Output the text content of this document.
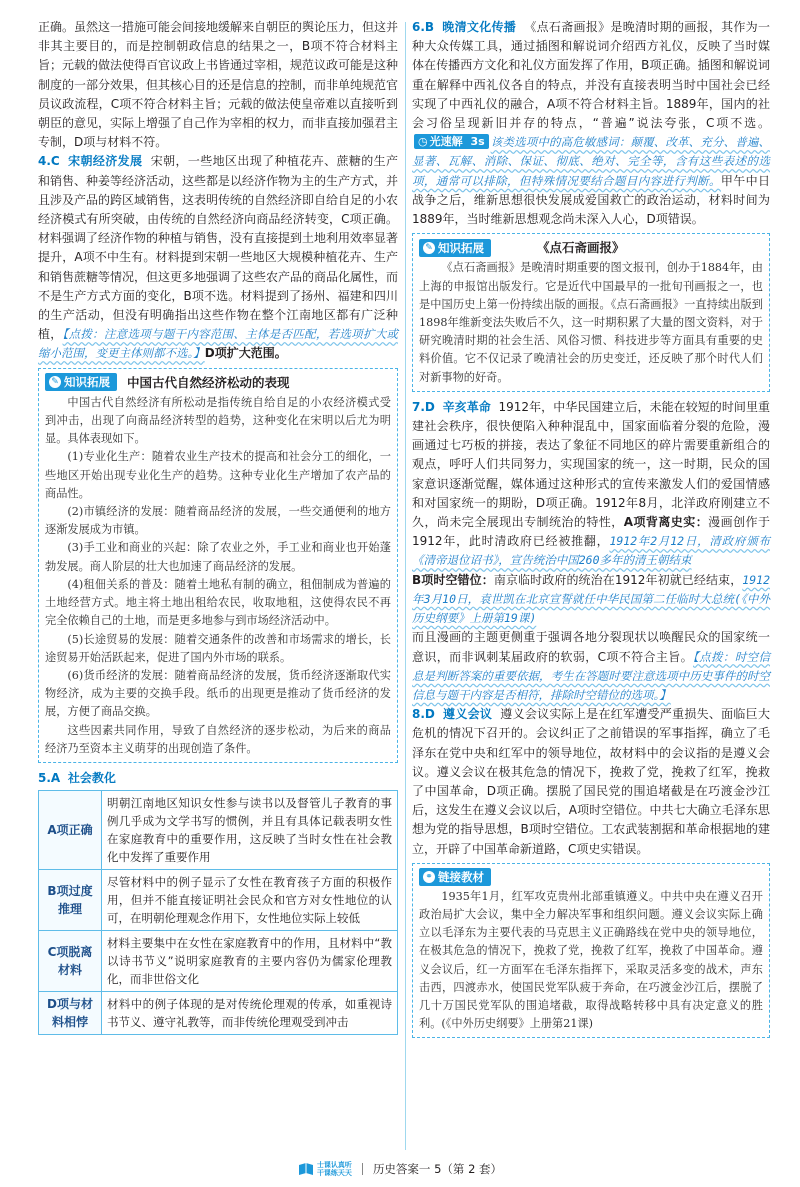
正确。虽然这一措施可能会间接地缓解来自朝臣的舆论压力，但这并非其主要目的，而是控制朝政信息的结果之一，B项不符合材料主旨；元载的做法使得百官议政上书皆通过宰相，规范议政可能是这种制度的一部分效果，但其核心目的还是信息的控制，而非单纯规范官员议政流程，C项不符合材料主旨；元载的做法使皇帝难以直接听到朝臣的意见，实际上增强了自己作为宰相的权力，而非直接加强君主专制，D项与材料不符。

4.C 宋朝经济发展 宋朝，一些地区出现了种植花卉、蔗糖的生产和销售、种姜等经济活动，这些都是以经济作物为主的生产方式，并且涉及产品的跨区域销售，这表明传统的自然经济即自给自足的小农经济模式有所突破，由传统的自然经济向商品经济转变，C项正确。材料强调了经济作物的种植与销售，没有直接提到土地利用效率显著提升，A项不中生有。材料提到宋朝一些地区大规模种植花卉、生产和销售蔗糖等情况，但这更多地强调了这些农产品的商品化属性，而不是生产方式方面的变化，B项不选。材料提到了扬州、福建和四川的生产活动，但没有明确指出这些作物在整个江南地区都有广泛种植，【点拨：注意选项与题干内容范围、主体是否匹配，若选项扩大或缩小范围，变更主体则都不选。】D项扩大范围。

✎ 知识拓展 中国古代自然经济松动的表现

中国古代自然经济有所松动是指传统自给自足的小农经济模式受到冲击，出现了向商品经济转型的趋势，这种变化在宋明以后尤为明显。具体表现如下。

(1)专业化生产：随着农业生产技术的提高和社会分工的细化，一些地区开始出现专业化生产的趋势。这种专业化生产增加了农产品的商品性。

(2)市镇经济的发展：随着商品经济的发展，一些交通便利的地方逐渐发展成为市镇。

(3)手工业和商业的兴起：除了农业之外，手工业和商业也开始蓬勃发展。商人阶层的壮大也加速了商品经济的发展。

(4)租佃关系的普及：随着土地私有制的确立，租佃制成为普遍的土地经营方式。地主将土地出租给农民，收取地租，这使得农民不再完全依赖自己的土地，而是更多地参与到市场经济活动中。

(5)长途贸易的发展：随着交通条件的改善和市场需求的增长，长途贸易开始活跃起来，促进了国内外市场的联系。

(6)货币经济的发展：随着商品经济的发展，货币经济逐渐取代实物经济，成为主要的交换手段。纸币的出现更是推动了货币经济的发展，方便了商品交换。

这些因素共同作用，导致了自然经济的逐步松动，为后来的商品经济乃至资本主义萌芽的出现创造了条件。

5.A 社会教化

A项正确	明朝江南地区知识女性参与读书以及督管儿子教育的事例几乎成为文学书写的惯例，并且有具体记载表明女性在家庭教育中的重要作用，这反映了当时女性在社会教化中发挥了重要作用
B项过度推理	尽管材料中的例子显示了女性在教育孩子方面的积极作用，但并不能直接证明社会民众和官方对女性地位的认可，在明朝伦理观念作用下，女性地位实际上较低
C项脱离材料	材料主要集中在女性在家庭教育中的作用，且材料中“教以诗书节义”说明家庭教育的主要内容仍为儒家伦理教化，而非世俗文化
D项与材料相悖	材料中的例子体现的是对传统伦理观的传承，如重视诗书节义、遵守礼教等，而非传统伦理观受到冲击

6.B 晚清文化传播 《点石斋画报》是晚清时期的画报，其作为一种大众传媒工具，通过插图和解说词介绍西方礼仪，反映了当时媒体在传播西方文化和礼仪方面发挥了作用，B项正确。插图和解说词重在解释中西礼仪各自的特点，并没有直接表明当时中国社会已经实现了中西礼仪的融合，A项不符合材料主旨。1889年，国内的社会习俗呈现新旧并存的特点，“普遍”说法夸张，C项不选。
◷ 光速解
3s 该类选项中的高危敏感词：颠覆、改革、充分、普遍、显著、瓦解、消除、保证、彻底、绝对、完全等，含有这些表述的选项，通常可以排除，但特殊情况要结合题目内容进行判断。甲午中日战争之后，维新思想很快发展成爱国救亡的政治运动，材料时间为1889年，当时维新思想观念尚未深入人心，D项错误。

✎ 知识拓展	《点石斋画报》

《点石斋画报》是晚清时期重要的图文报刊，创办于1884年，由上海的申报馆出版发行。它是近代中国最早的一批旬刊画报之一，也是中国历史上第一份持续出版的画报。《点石斋画报》一直持续出版到1898年维新变法失败后不久，这一时期积累了大量的图文资料，对于研究晚清时期的社会生活、风俗习惯、科技进步等方面具有重要的史料价值。它不仅记录了晚清社会的历史变迁，还反映了那个时代人们对新事物的好奇。

7.D 辛亥革命 1912年，中华民国建立后，未能在较短的时间里重建社会秩序，很快便陷入种种混乱中，国家面临着分裂的危险，漫画通过七巧板的拼接，表达了象征不同地区的碎片需要重新组合的观点，呼吁人们共同努力，实现国家的统一，这一时期，民众的国家意识逐渐觉醒，媒体通过这种形式的宣传来激发人们的爱国情感和对国家统一的期盼，D项正确。1912年8月，北洋政府刚建立不久，尚未完全展现出专制统治的特性，A项背离史实：漫画创作于1912年，此时清政府已经被推翻，1912年2月12日，清政府颁布《清帝退位诏书》，宣告统治中国260多年的清王朝结束
B项时空错位：南京临时政府的统治在1912年初就已经结束，1912年3月10日，袁世凯在北京宣誓就任中华民国第二任临时大总统(《中外历史纲要》上册第19课)
而且漫画的主题更侧重于强调各地分裂现状以唤醒民众的国家统一意识，而非讽刺某届政府的软弱，C项不符合主旨。【点拨：时空信息是判断答案的重要依据，考生在答题时要注意选项中历史事件的时空信息与题干内容是否相符，排除时空错位的选项。】

8.D 遵义会议 遵义会议实际上是在红军遭受严重损失、面临巨大危机的情况下召开的。会议纠正了之前错误的军事指挥，确立了毛泽东在党中央和红军中的领导地位，故材料中的会议指的是遵义会议。遵义会议在极其危急的情况下，挽救了党，挽救了红军，挽救了中国革命，D项正确。摆脱了国民党的围追堵截是在巧渡金沙江后，这发生在遵义会议以后，A项时空错位。中共七大确立毛泽东思想为党的指导思想，B项时空错位。工农武装割据和革命根据地的建立，开辟了中国革命新道路，C项史实错误。

⚭ 链接教材

1935年1月，红军攻克贵州北部重镇遵义。中共中央在遵义召开政治局扩大会议，集中全力解决军事和组织问题。遵义会议实际上确立以毛泽东为主要代表的马克思主义正确路线在党中央的领导地位，在极其危急的情况下，挽救了党，挽救了红军，挽救了中国革命。遵义会议后，红一方面军在毛泽东指挥下，采取灵活多变的战术，声东击西，四渡赤水，使国民党军队疲于奔命，在巧渡金沙江后，摆脱了几十万国民党军队的围追堵截，取得战略转移中具有决定意义的胜利。(《中外历史纲要》上册第21课)

士课认真听
干课练天天 历史答案一 5（第 2 套）
